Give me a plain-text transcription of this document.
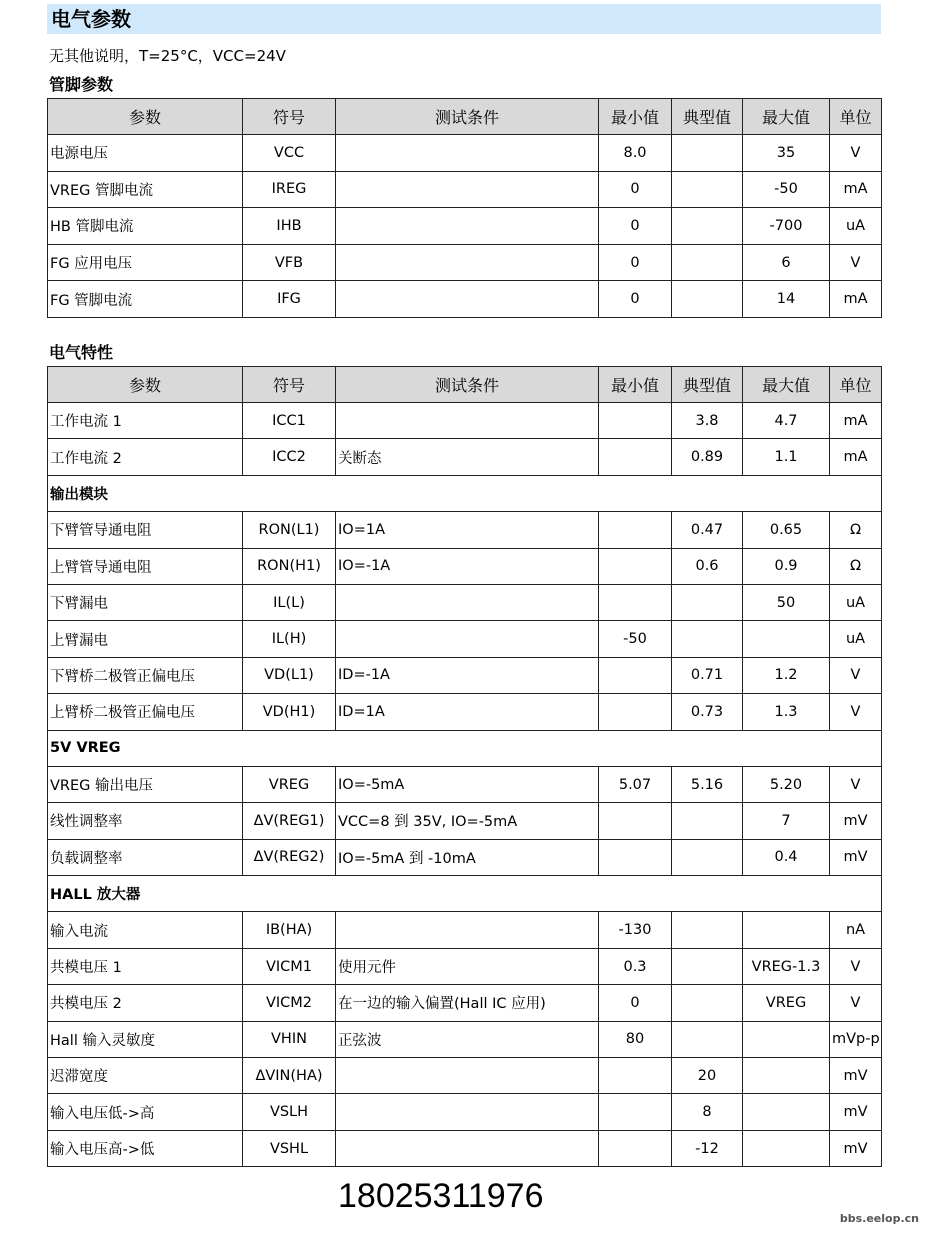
电气参数
无其他说明，T=25°C，VCC=24V
管脚参数
参数	符号	测试条件	最小值	典型值	最大值	单位
电源电压	VCC		8.0		35	V
VREG 管脚电流	IREG		0		-50	mA
HB 管脚电流	IHB		0		-700	uA
FG 应用电压	VFB		0		6	V
FG 管脚电流	IFG		0		14	mA
电气特性
参数	符号	测试条件	最小值	典型值	最大值	单位
工作电流 1	ICC1			3.8	4.7	mA
工作电流 2	ICC2	关断态		0.89	1.1	mA
输出模块						
下臂管导通电阻	RON(L1)	IO=1A		0.47	0.65	Ω
上臂管导通电阻	RON(H1)	IO=-1A		0.6	0.9	Ω
下臂漏电	IL(L)				50	uA
上臂漏电	IL(H)		-50			uA
下臂桥二极管正偏电压	VD(L1)	ID=-1A		0.71	1.2	V
上臂桥二极管正偏电压	VD(H1)	ID=1A		0.73	1.3	V
5V VREG						
VREG 输出电压	VREG	IO=-5mA	5.07	5.16	5.20	V
线性调整率	ΔV(REG1)	VCC=8 到 35V, IO=-5mA			7	mV
负载调整率	ΔV(REG2)	IO=-5mA 到 -10mA			0.4	mV
HALL 放大器						
输入电流	IB(HA)		-130			nA
共模电压 1	VICM1	使用元件	0.3		VREG-1.3	V
共模电压 2	VICM2	在一边的输入偏置(Hall IC 应用)	0		VREG	V
Hall 输入灵敏度	VHIN	正弦波	80			mVp-p
迟滞宽度	ΔVIN(HA)			20		mV
输入电压低->高	VSLH			8		mV
输入电压高->低	VSHL			-12		mV
18025311976
bbs.eelop.cn
